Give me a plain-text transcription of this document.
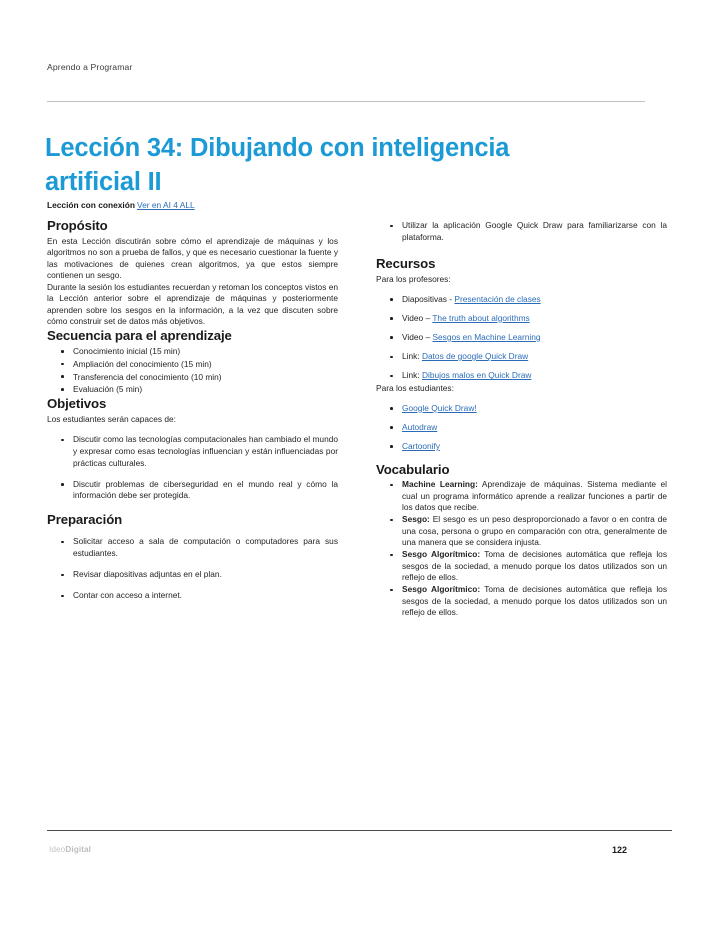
Aprendo a Programar
Lección 34: Dibujando con inteligencia artificial II
Lección con conexión Ver en AI 4 ALL
Propósito

En esta Lección discutirán sobre cómo el aprendizaje de máquinas y los algoritmos no son a prueba de fallos, y que es necesario cuestionar la fuente y las motivaciones de quienes crean algoritmos, ya que estos siempre contienen un sesgo.

Durante la sesión los estudiantes recuerdan y retoman los conceptos vistos en la Lección anterior sobre el aprendizaje de máquinas y posteriormente aprenden sobre los sesgos en la información, a la vez que discuten sobre cómo construir set de datos más objetivos.

Secuencia para el aprendizaje
Conocimiento inicial (15 min)
Ampliación del conocimiento (15 min)
Transferencia del conocimiento (10 min)
Evaluación (5 min)
Objetivos

Los estudiantes serán capaces de:

Discutir como las tecnologías computacionales han cambiado el mundo y expresar como esas tecnologías influencian y están influenciadas por prácticas culturales.
Discutir problemas de ciberseguridad en el mundo real y cómo la información debe ser protegida.
Preparación
Solicitar acceso a sala de computación o computadores para sus estudiantes.
Revisar diapositivas adjuntas en el plan.
Contar con acceso a internet.
Utilizar la aplicación Google Quick Draw para familiarizarse con la plataforma.
Recursos

Para los profesores:

Diapositivas - Presentación de clases
Video – The truth about algorithms
Video – Sesgos en Machine Learning
Link: Datos de google Quick Draw
Link: Dibujos malos en Quick Draw

Para los estudiantes:

Google Quick Draw!
Autodraw
Cartoonify
Vocabulario
Machine Learning: Aprendizaje de máquinas. Sistema mediante el cual un programa informático aprende a realizar funciones a partir de los datos que recibe.
Sesgo: El sesgo es un peso desproporcionado a favor o en contra de una cosa, persona o grupo en comparación con otra, generalmente de una manera que se considera injusta.
Sesgo Algorítmico: Toma de decisiones automática que refleja los sesgos de la sociedad, a menudo porque los datos utilizados son un reflejo de ellos.
Sesgo Algorítmico: Toma de decisiones automática que refleja los sesgos de la sociedad, a menudo porque los datos utilizados son un reflejo de ellos.
IdeoDigital	122
